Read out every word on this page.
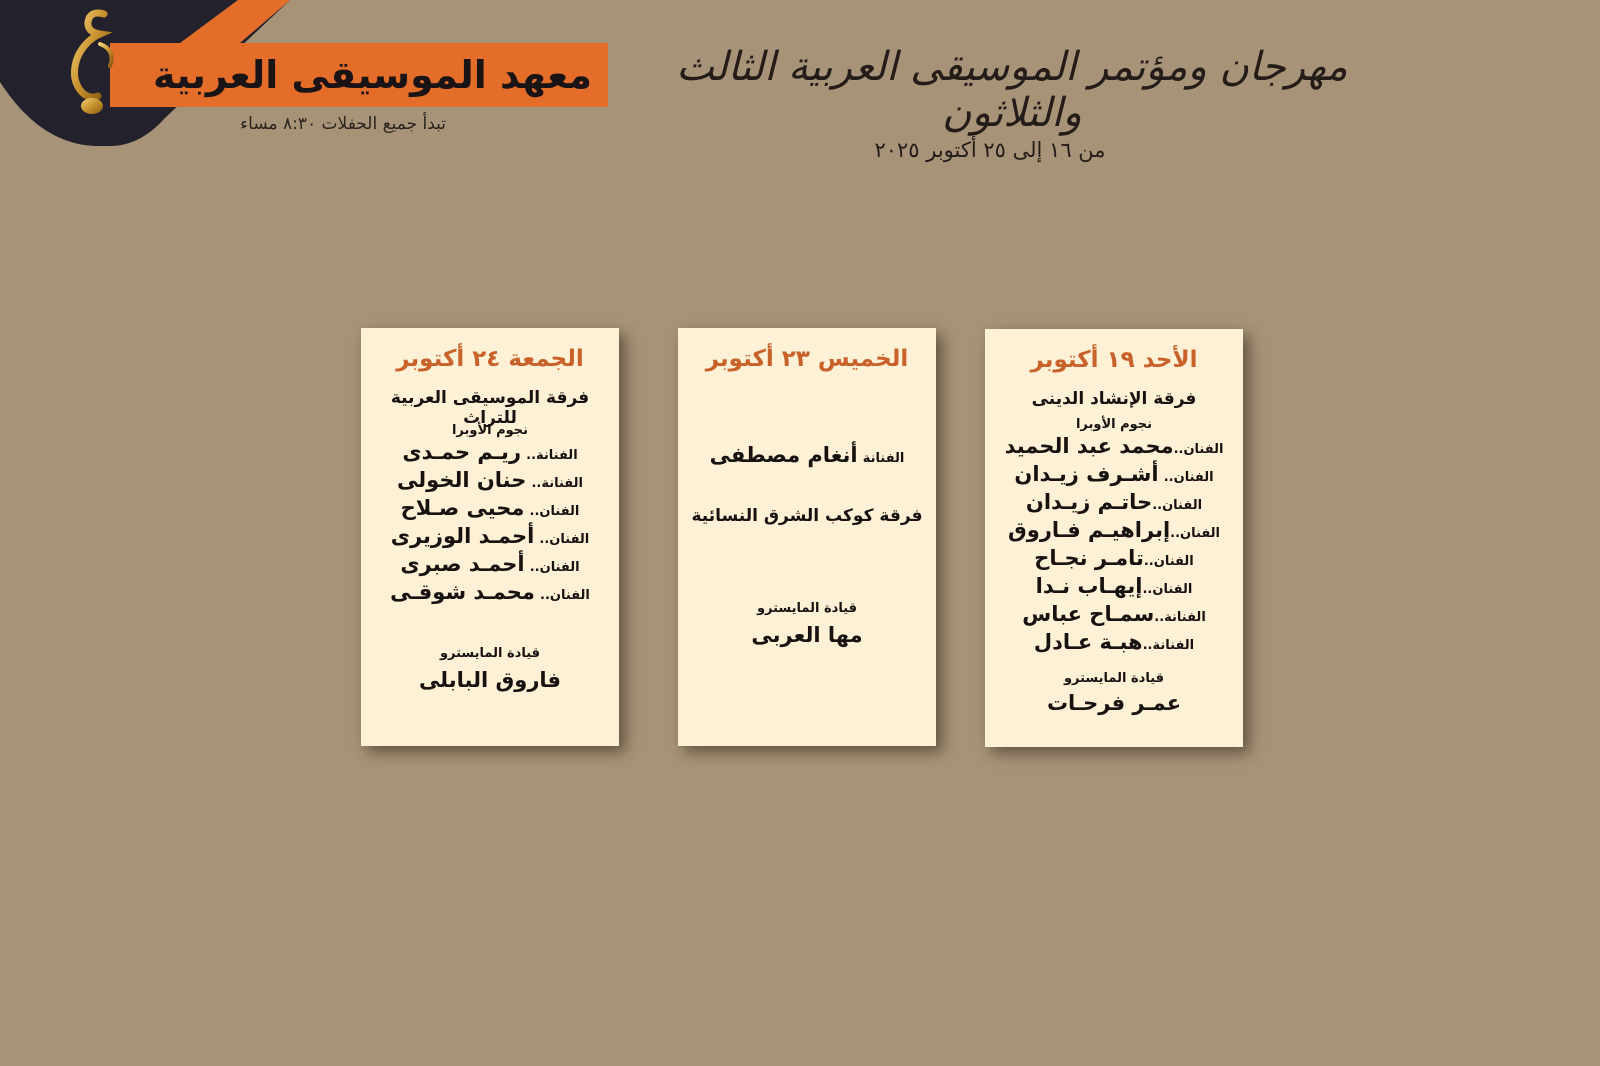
معهد الموسيقى العربية
تبدأ جميع الحفلات ٨:٣٠ مساء
مهرجان ومؤتمر الموسيقى العربية الثالث والثلاثون
من ١٦ إلى ٢٥ أكتوبر ٢٠٢٥
الجمعة ٢٤ أكتوبر
فرقة الموسيقى العربية للتراث
نجوم الأوبرا
الفنانة.. ريـم حمـدى
الفنانة.. حنان الخولى
الفنان.. محيى صـلاح
الفنان.. أحمـد الوزيرى
الفنان.. أحمـد صبرى
الفنان.. محمـد شوقـى
قيادة المايسترو
فاروق البابلى
الخميس ٢٣ أكتوبر
الفنانة أنغام مصطفى
فرقة كوكب الشرق النسائية
قيادة المايسترو
مها العربى
الأحد ١٩ أكتوبر
فرقة الإنشاد الدينى
نجوم الأوبرا
الفنان..محمد عبد الحميد
الفنان.. أشـرف زيـدان
الفنان..حاتـم زيـدان
الفنان..إبراهيـم فـاروق
الفنان..تامـر نجـاح
الفنان..إيهـاب نـدا
الفنانة..سمـاح عباس
الفنانة..هبـة عـادل
قيادة المايسترو
عمـر فرحـات
